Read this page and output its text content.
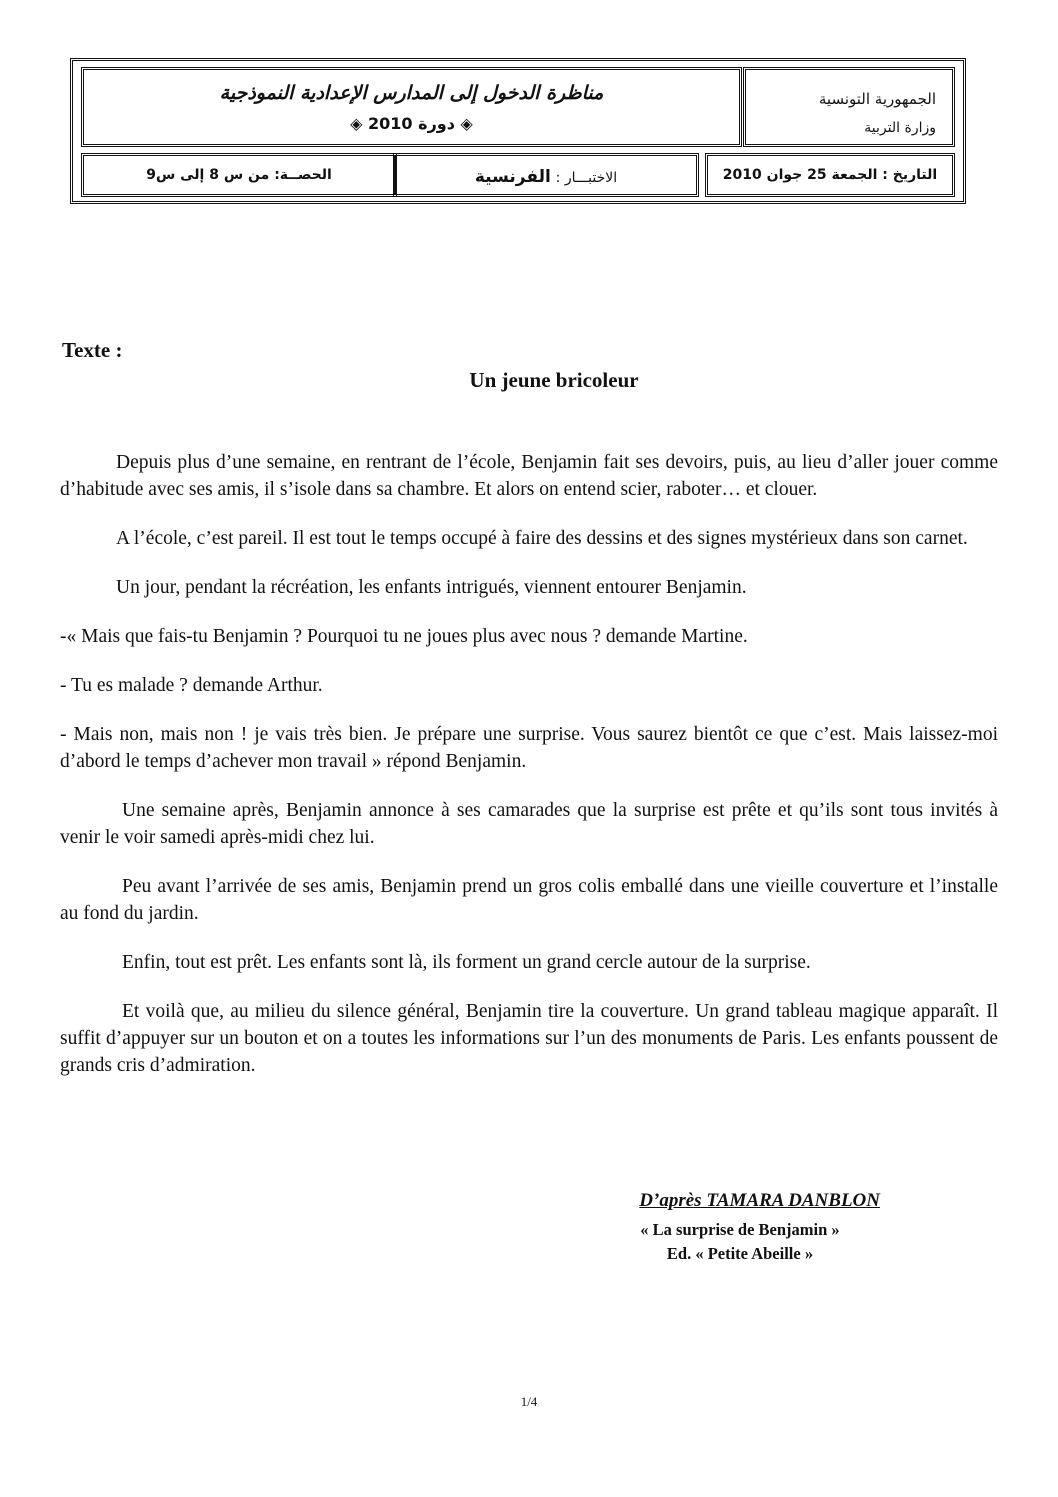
الجمهورية التونسية
وزارة التربية
مناظرة الدخول إلى المدارس الإعدادية النموذجية
◈ دورة 2010 ◈
التاريخ : الجمعة 25 جوان 2010
الاختبـــار : الفرنسية
الحصــة: من س 8 إلى س9
Texte :
Un jeune bricoleur

Depuis plus d’une semaine, en rentrant de l’école, Benjamin fait ses devoirs, puis, au lieu d’aller jouer comme d’habitude avec ses amis, il s’isole dans sa chambre. Et alors on entend scier, raboter… et clouer.

A l’école, c’est pareil. Il est tout le temps occupé à faire des dessins et des signes mystérieux dans son carnet.

Un jour, pendant la récréation, les enfants intrigués, viennent entourer Benjamin.

-« Mais que fais-tu Benjamin ? Pourquoi tu ne joues plus avec nous ? demande Martine.

- Tu es malade ? demande Arthur.

- Mais non, mais non ! je vais très bien. Je prépare une surprise. Vous saurez bientôt ce que c’est. Mais laissez-moi d’abord le temps d’achever mon travail » répond Benjamin.

Une semaine après, Benjamin annonce à ses camarades que la surprise est prête et qu’ils sont tous invités à venir le voir samedi après-midi chez lui.

Peu avant l’arrivée de ses amis, Benjamin prend un gros colis emballé dans une vieille couverture et l’installe au fond du jardin.

Enfin, tout est prêt. Les enfants sont là, ils forment un grand cercle autour de la surprise.

Et voilà que, au milieu du silence général, Benjamin tire la couverture. Un grand tableau magique apparaît. Il suffit d’appuyer sur un bouton et on a toutes les informations sur l’un des monuments de Paris. Les enfants poussent de grands cris d’admiration.

D’après TAMARA DANBLON

« La surprise de Benjamin »

Ed. « Petite Abeille »

1/4
